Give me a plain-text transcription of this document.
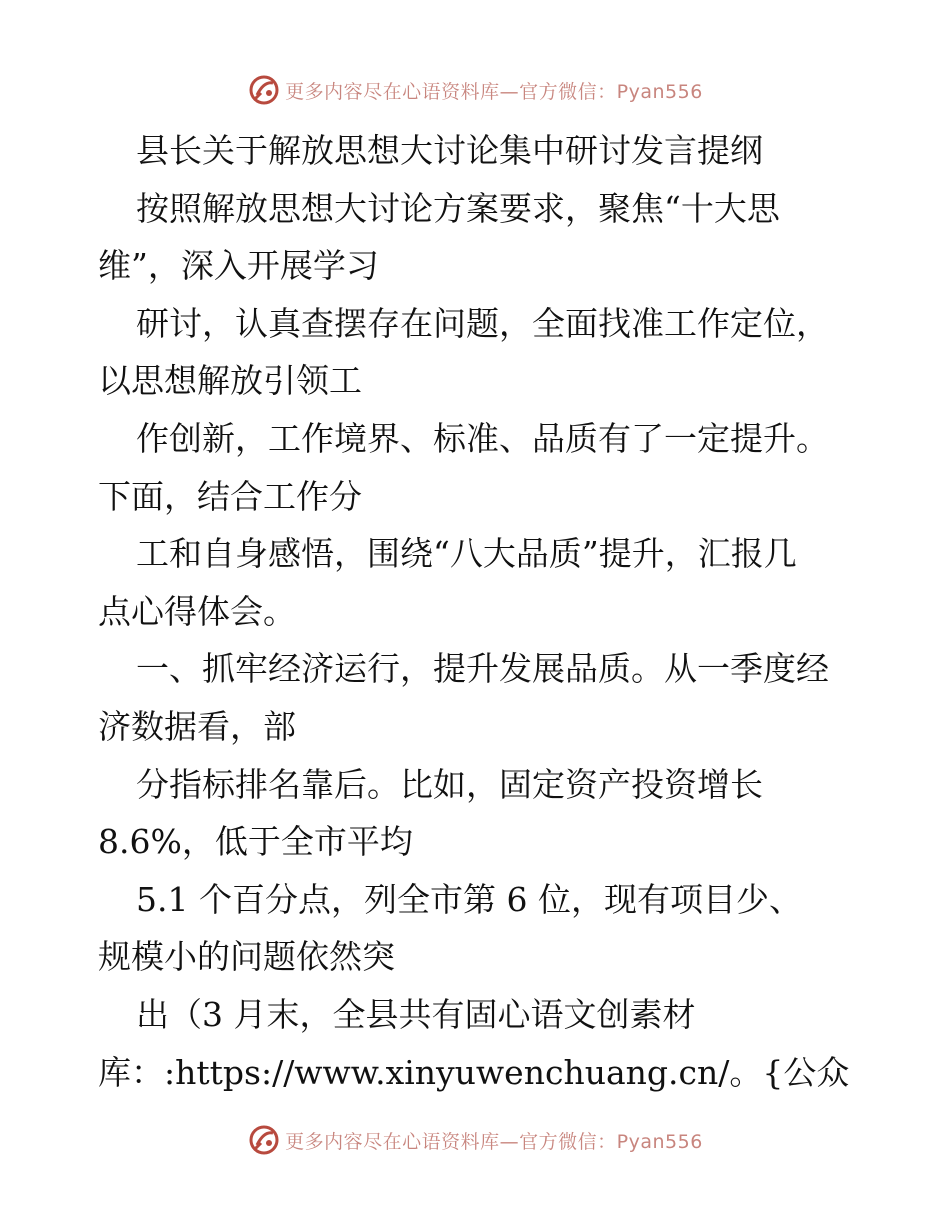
更多内容尽在心语资料库—官方微信：Pyan556
县长关于解放思想大讨论集中研讨发言提纲
按照解放思想大讨论方案要求，聚焦“十大思
维”，深入开展学习
研讨，认真查摆存在问题，全面找准工作定位，
以思想解放引领工
作创新，工作境界、标准、品质有了一定提升。
下面，结合工作分
工和自身感悟，围绕“八大品质”提升，汇报几
点心得体会。
一、抓牢经济运行，提升发展品质。从一季度经
济数据看，部
分指标排名靠后。比如，固定资产投资增长
8.6%，低于全市平均
5.1 个百分点，列全市第 6 位，现有项目少、
规模小的问题依然突
出（3 月末，全县共有固心语文创素材
库：:https://www.xinyuwenchuang.cn/。{公众
更多内容尽在心语资料库—官方微信：Pyan556
